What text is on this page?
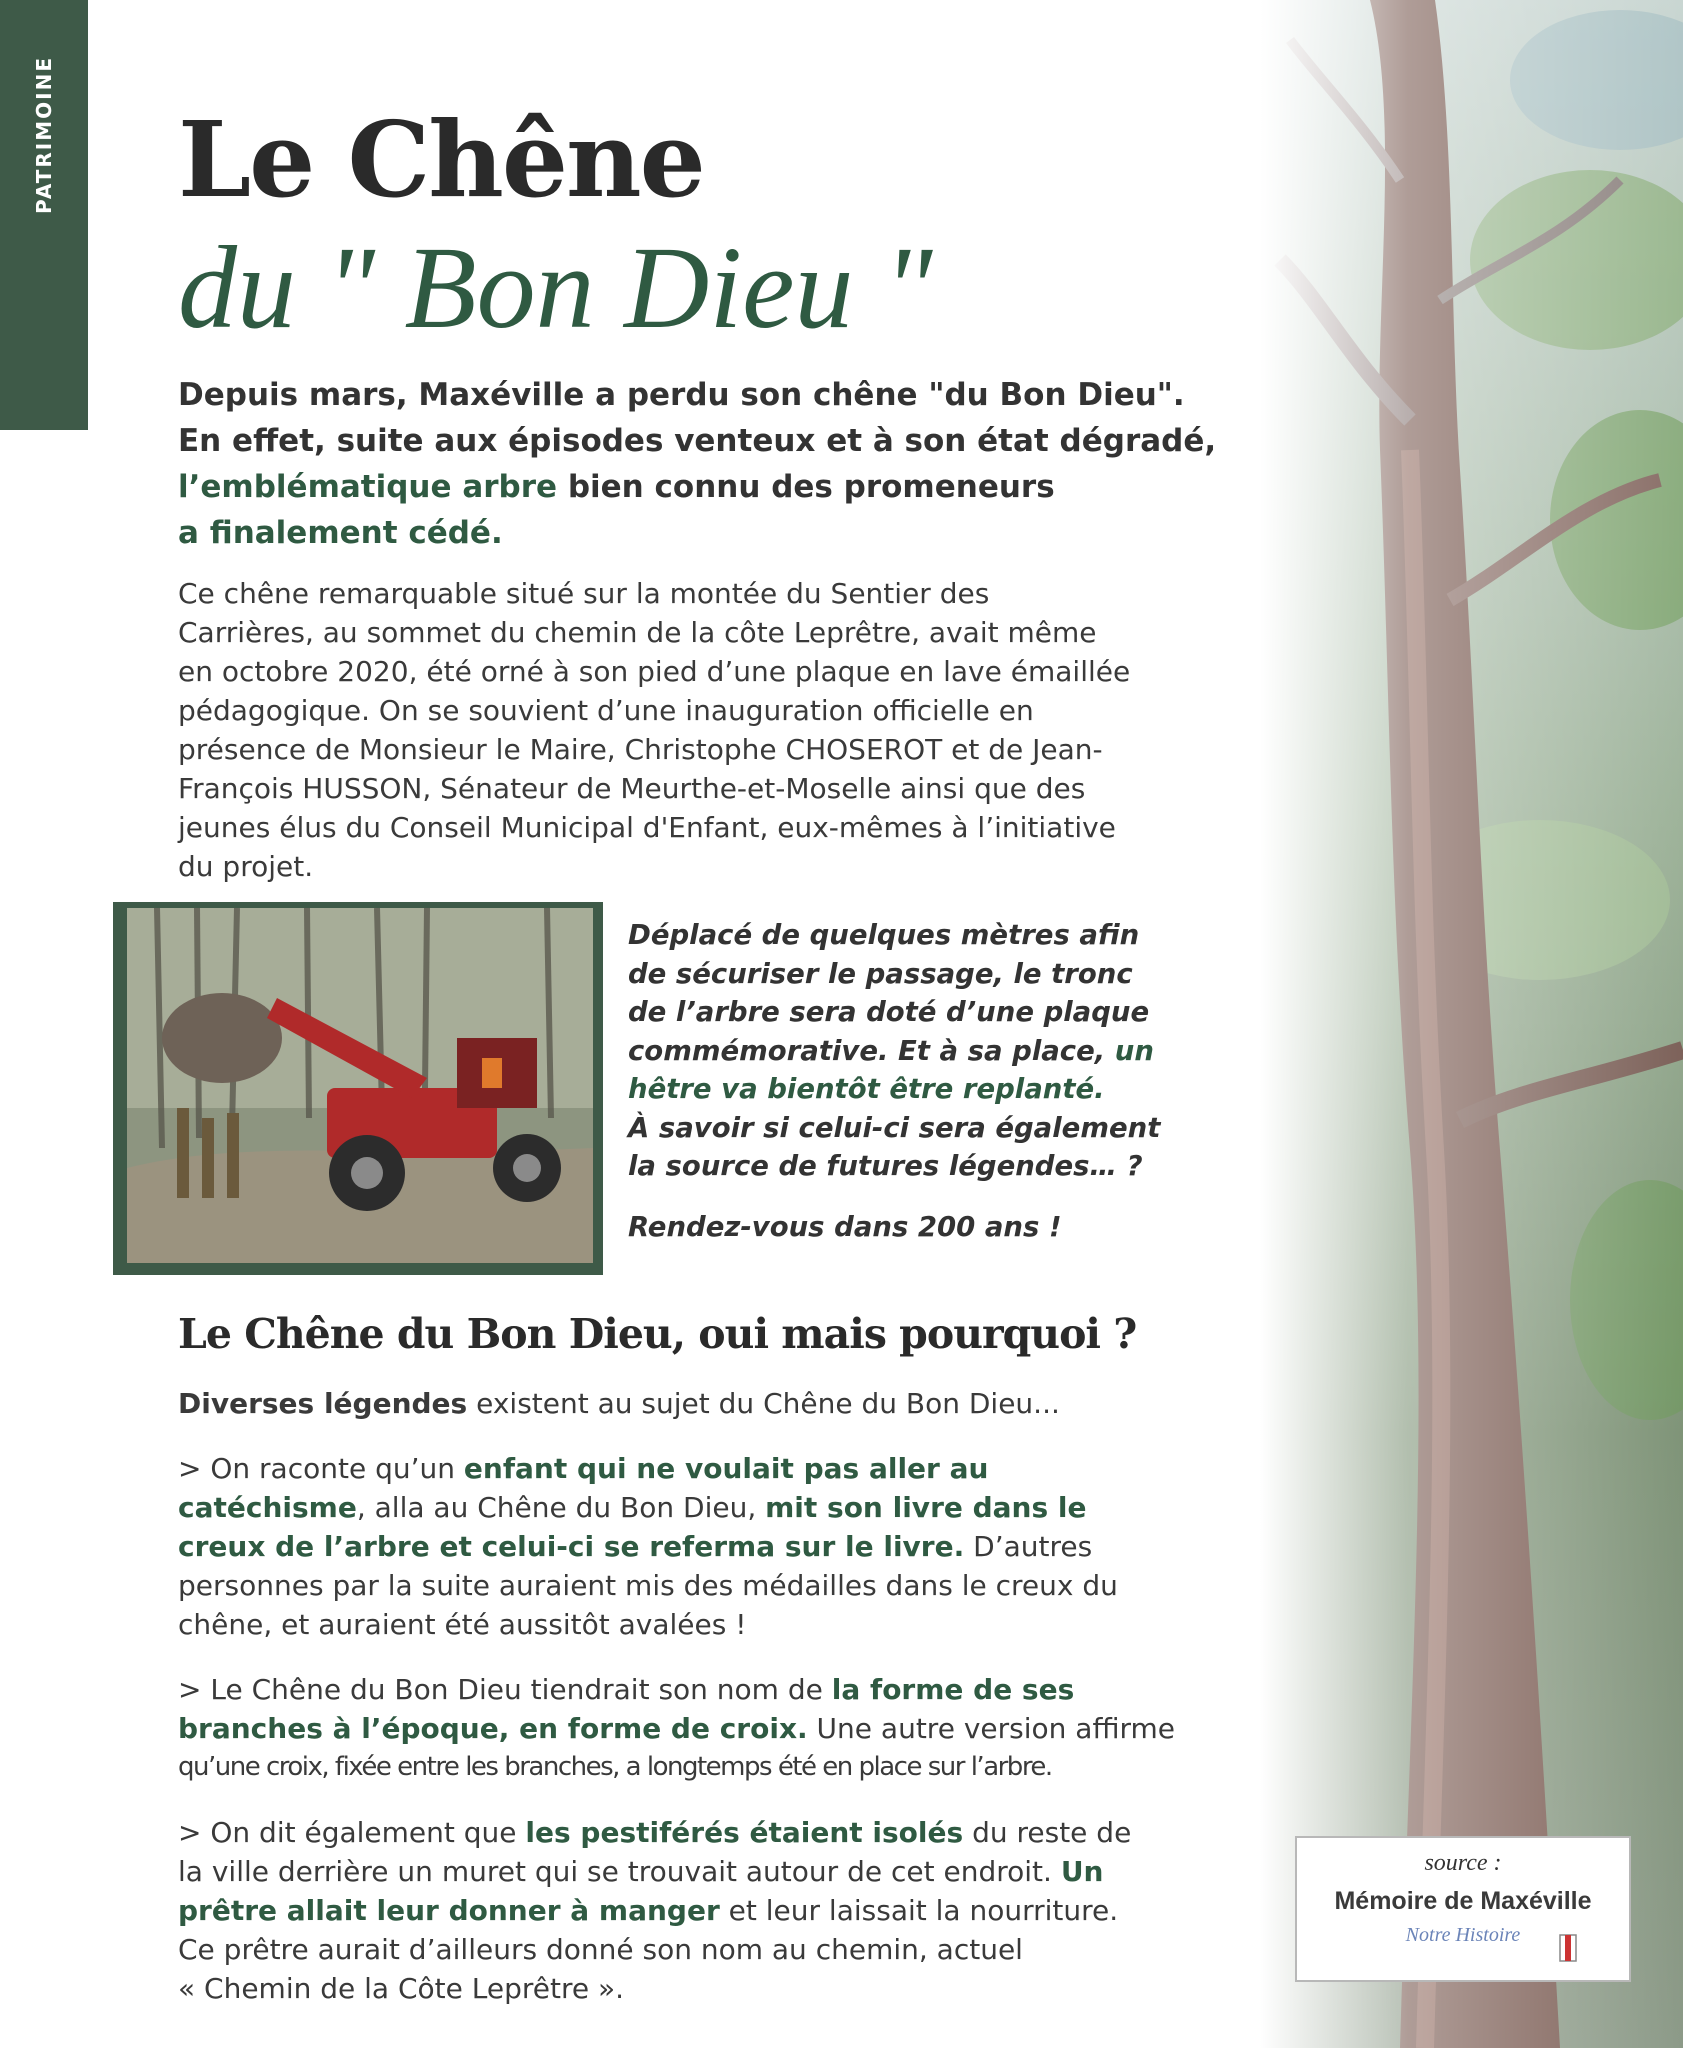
PATRIMOINE Le Chêne
du " Bon Dieu "

Depuis mars, Maxéville a perdu son chêne "du Bon Dieu".

En effet, suite aux épisodes venteux et à son état dégradé,

l’emblématique arbre bien connu des promeneurs

a finalement cédé.

Ce chêne remarquable situé sur la montée du Sentier des

Carrières, au sommet du chemin de la côte Leprêtre, avait même

en octobre 2020, été orné à son pied d’une plaque en lave émaillée

pédagogique. On se souvient d’une inauguration officielle en

présence de Monsieur le Maire, Christophe CHOSEROT et de Jean-

François HUSSON, Sénateur de Meurthe-et-Moselle ainsi que des

jeunes élus du Conseil Municipal d'Enfant, eux-mêmes à l’initiative

du projet.

Déplacé de quelques mètres afin

de sécuriser le passage, le tronc

de l’arbre sera doté d’une plaque

commémorative. Et à sa place, un

hêtre va bientôt être replanté.

À savoir si celui-ci sera également

la source de futures légendes… ?

Rendez-vous dans 200 ans !

Le Chêne du Bon Dieu, oui mais pourquoi ?

Diverses légendes existent au sujet du Chêne du Bon Dieu...

> On raconte qu’un enfant qui ne voulait pas aller au

catéchisme, alla au Chêne du Bon Dieu, mit son livre dans le

creux de l’arbre et celui-ci se referma sur le livre. D’autres

personnes par la suite auraient mis des médailles dans le creux du

chêne, et auraient été aussitôt avalées !

> Le Chêne du Bon Dieu tiendrait son nom de la forme de ses

branches à l’époque, en forme de croix. Une autre version affirme

qu’une croix, fixée entre les branches, a longtemps été en place sur l’arbre.

> On dit également que les pestiférés étaient isolés du reste de

la ville derrière un muret qui se trouvait autour de cet endroit. Un

prêtre allait leur donner à manger et leur laissait la nourriture.

Ce prêtre aurait d’ailleurs donné son nom au chemin, actuel

« Chemin de la Côte Leprêtre ».

source :
Mémoire de Maxéville
Notre Histoire
